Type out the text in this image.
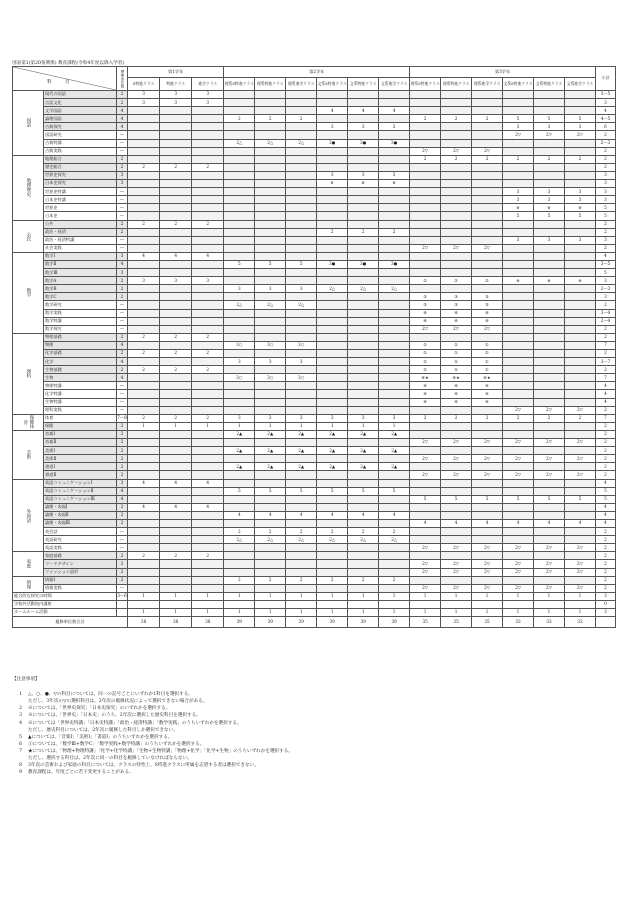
別表第1(第20条関係) 教育課程(令和4年度以降入学者)
科 目		標準単位数	第1学年			第2学年						第3学年						小計
			S特進クラス	特進クラス	進学クラス	理系S特進クラス	理系特進クラス	理系進学クラス	文系S特進クラス	文系特進クラス	文系進学クラス	理系S特進クラス	理系特進クラス	理系進学クラス	文系S特進クラス	文系特進クラス	文系進学クラス	
国語	現代の国語	2	3	3	3													3～5
	言語文化	2	3	3	3													3
	文学国語	4							4	4	4							4
	論理国語	4				2	2	2				2	2	2	5	5	5	4～5
	古典探究	4							3	3	3				3	3	3	6
	国語研究	—													2▽	2▽	2▽	2
	古典特講	—				2△	2△	2△	3●	3●	3●							2～3
	古典実践	—										2▽	2▽	2▽				2
地理歴史	地理総合	2										2	2	2	2	2	2	2
	歴史総合	2	2	2	2													2
	世界史探究	3							3	3	3							3
	日本史探究	3							※	※	※							3
	世界史特講	—													3	3	3	3
	日本史特講	—													3	3	3	3
	世界史	—													※	※	※	5
	日本史	—													5	5	5	5
公民	公共	2	2	2	2													2
	政治・経済	2							2	2	2							2
	政治・経済特講	—													3	3	3	3
	社会実践	—										2▽	2▽	2▽				2
数学	数学Ⅰ	3	4	4	4													4
	数学Ⅱ	4				5	5	5	3●	3●	3●							3～5
	数学Ⅲ	3																5
	数学A	2	3	3	3							②	②	②	※	※	※	3
	数学B	2				3	3	3	2△	2△	2△							2～3
	数学C	2										③	③	③				3
	数学研究	—				2△	2△	2△				③	③	③				2
	数学実践	—										④	④	④				3～4
	数学特講	—										④	④	④				2～4
	数学探究	—										2▽	2▽	2▽				2
理科	物理基礎	2	2	2	2													2
	物理	4				3○	3○	3○				①	①	①				7
	化学基礎	2	2	2	2							①	①	①				2
	化学	4				3	3	3				①	①	①				3～7
	生物基礎	2	2	2	2							①	①	①				2
	生物	4				3○	3○	3○				④★	④★	④★				7
	物理特講	—										④	④	④				4
	化学特講	—										④	④	④				4
	生物特講	—										④	④	④				4
	理科実践	—													2▽	2▽	2▽	2
保健体育	体育	7～8	2	2	2	3	3	3	3	3	3	2	2	2	2	2	2	7
	保健	2	1	1	1	1	1	1	1	1	1							2
芸術	音楽Ⅰ	2				2▲	2▲	2▲	2▲	2▲	2▲							2
	音楽Ⅱ	2										2▽	2▽	2▽	2▽	2▽	2▽	2
	美術Ⅰ	2				2▲	2▲	2▲	2▲	2▲	2▲							2
	美術Ⅱ	2										2▽	2▽	2▽	2▽	2▽	2▽	2
	書道Ⅰ	2				2▲	2▲	2▲	2▲	2▲	2▲							2
	書道Ⅱ	2										2▽	2▽	2▽	2▽	2▽	2▽	2
外国語	英語コミュニケーションⅠ	3	4	4	4													4
	英語コミュニケーションⅡ	4				5	5	5	5	5	5							5
	英語コミュニケーションⅢ	4										5	5	5	5	5	5	5
	論理・表現Ⅰ	2	4	4	4													4
	論理・表現Ⅱ	2				4	4	4	4	4	4							4
	論理・表現Ⅲ	2										4	4	4	4	4	4	4
	英会話	—				2	2	2	2	2	2							2
	英語研究	—				2△	2△	2△	2△	2△	2△							2
	英語実践	—										2▽	2▽	2▽	2▽	2▽	2▽	2
家庭	家庭基礎	2	2	2	2													2
	フードデザイン	2										2▽	2▽	2▽	2▽	2▽	2▽	2
	ファッション造形	2										2▽	2▽	2▽	2▽	2▽	2▽	2
情報	情報Ⅰ	2				2	2	2	2	2	2							2
	情報実践	—										2▽	2▽	2▽	2▽	2▽	2▽	2
総合的な探究の時間		3～6	1	1	1	1	1	1	1	1	1	1	1	1	1	1	1	3
学校外活動校内講座																		0
ホームルーム活動			1	1	1	1	1	1	1	1	1	1	1	1	1	1	1	3
履修単位数合計			38	38	38	39	39	39	39	39	39	35	35	35	33	33	33	
【注意事項】
1	△、○、●、▽の科目については、同一の記号ごとにいずれか1科目を選択する。
ただし、3年次の▽の選択科目は、2年次の履修状況によって選択できない場合がある。
2	※については、「世界史探究」「日本史探究」のいずれかを選択する。
3	※については、「世界史」「日本史」のうち、2年次に選択した歴史科目を選択する。
4	※については「世界史特講」「日本史特講」「政治・経済特講」「数学実践」のうちいずれかを選択する。
ただし、歴史科目については、2年次に履修した科目しか選択できない。
5	▲については、「音楽Ⅰ」「美術Ⅰ」「書道Ⅰ」のうちいずれかを選択する。
6	①については、「数学Ⅲ+数学C」「数学実践+数学特講」のうちいずれかを選択する。
7	★については、「物理+物理特講」「化学+化学特講」「生物+生物特講」「物理+化学」「化学+生物」のうちいずれかを選択する。
ただし、選択する科目は、2年次に同一の科目を履修していなければならない。
8	3年次の芸術および家庭の科目については、クラスの特性上、S特進クラスに所属を志望する者は選択できない。
9	教育課程は、年度ごとに若干変更することがある。
